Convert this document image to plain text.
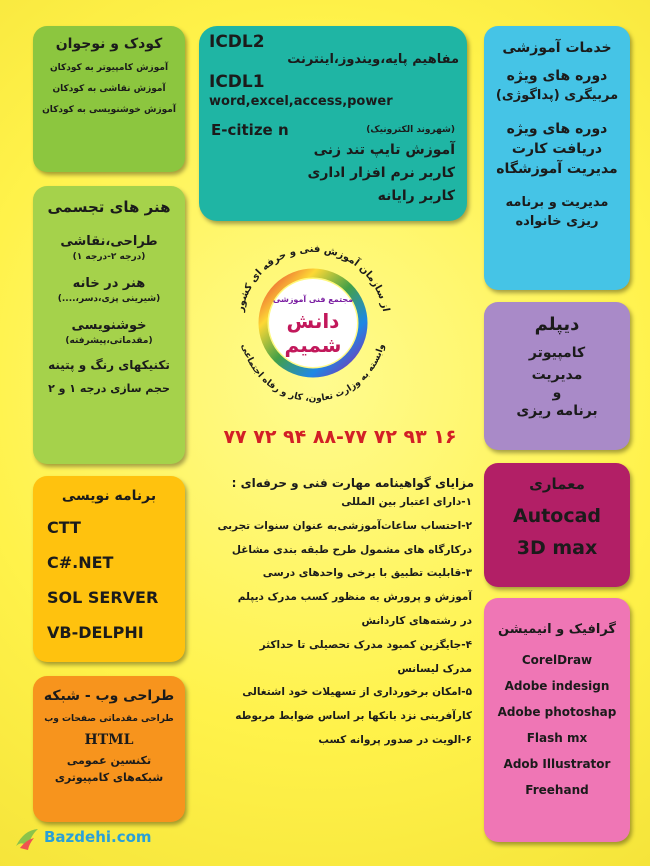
کودک و نوجوان
آموزش کامپیوتر به کودکان
آموزش نقاشی به کودکان
آموزش خوشنویسی به کودکان
ICDL2
مفاهیم پایه،ویندوز،اینترنت
ICDL1
word,excel,access,power
E-citize n	(شهروند الکترونیک)
آموزش تایپ تند زنی
کاربر نرم افزار اداری
کاربر رایانه
خدمات آموزشی
دوره های ویژه
مربیگری (پداگوژی)
دوره های ویژه
دریافت کارت
مدیریت آموزشگاه
مدیریت و برنامه
ریزی خانواده
هنر های تجسمی
طراحی،نقاشی
(درجه ۲-درجه ۱)
هنر در خانه
(شیرینی پزی،دسر،....)
خوشنویسی
(مقدماتی،پیشرفته)
تکنیکهای رنگ و پتینه
حجم سازی درجه ۱ و ۲
دیپلم
کامپیوتر
مدیریت
و
برنامه ریزی
برنامه نویسی
CTT
C#.NET
SOL SERVER
VB-DELPHI
طراحی وب - شبکه
طراحی مقدماتی صفحات وب
HTML
تکنسین عمومی
شبکه‌های کامپیوتری
معماری
Autocad
3D max
گرافیک و انیمیشن
CorelDraw
Adobe indesign
Adobe photoshap
Flash mx
Adob Illustrator
Freehand
از سازمان آموزش فنی و حرفه ای کشور
وابسته به وزارت تعاون، کار و رفاه اجتماعی
مجتمع فنی آموزشی
دانش
شمیم
۷۷ ۷۲ ۹۴ ۸۸-۷۷ ۷۲ ۹۳ ۱۶
مزایای گواهینامه مهارت فنی و حرفه‌ای :
۱-دارای اعتبار بین المللی
۲-احتساب ساعات‌آموزشی‌به عنوان سنوات تجربی
درکارگاه های مشمول طرح طبقه بندی مشاغل
۳-قابلیت تطبیق با برخی واحدهای درسی
آموزش و پرورش به منظور کسب مدرک دیپلم
در رشته‌های کاردانش
۴-جایگزین کمبود مدرک تحصیلی تا حداکثر
مدرک لیسانس
۵-امکان برخورداری از تسهیلات خود اشتغالی
کارآفرینی نزد بانکها بر اساس ضوابط مربوطه
۶-الویت در صدور پروانه کسب
Bazdehi.com
